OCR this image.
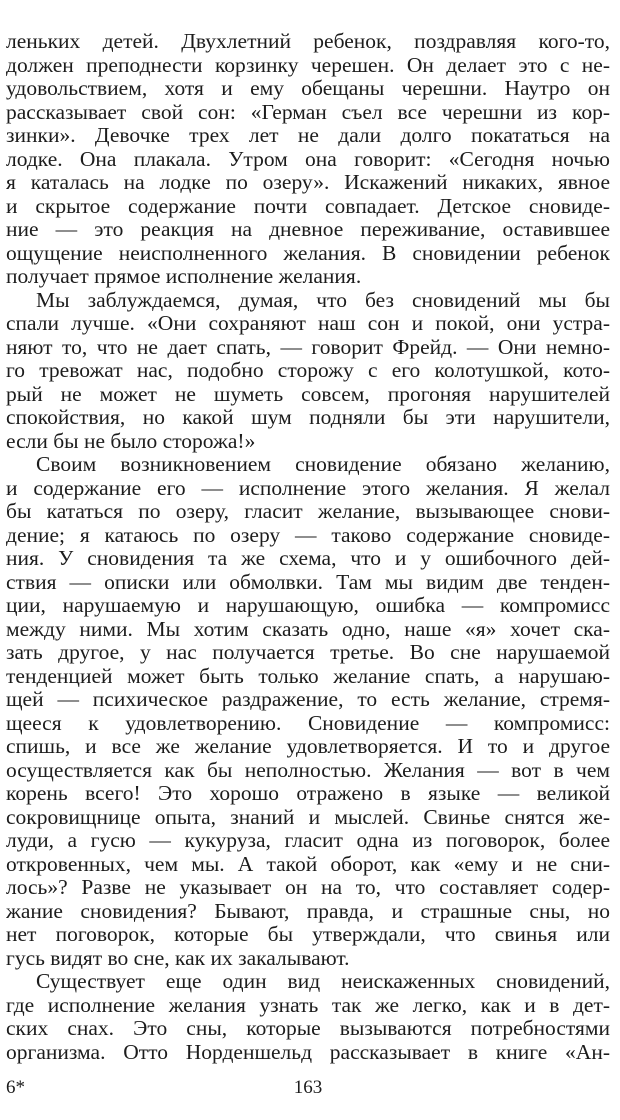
леньких детей. Двухлетний ребенок, поздравляя кого-то,
должен преподнести корзинку черешен. Он делает это с не-
удовольствием, хотя и ему обещаны черешни. Наутро он
рассказывает свой сон: «Герман съел все черешни из кор-
зинки». Девочке трех лет не дали долго покататься на
лодке. Она плакала. Утром она говорит: «Сегодня ночью
я каталась на лодке по озеру». Искажений никаких, явное
и скрытое содержание почти совпадает. Детское сновиде-
ние — это реакция на дневное переживание, оставившее
ощущение неисполненного желания. В сновидении ребенок
получает прямое исполнение желания.
Мы заблуждаемся, думая, что без сновидений мы бы
спали лучше. «Они сохраняют наш сон и покой, они устра-
няют то, что не дает спать, — говорит Фрейд. — Они немно-
го тревожат нас, подобно сторожу с его колотушкой, кото-
рый не может не шуметь совсем, прогоняя нарушителей
спокойствия, но какой шум подняли бы эти нарушители,
если бы не было сторожа!»
Своим возникновением сновидение обязано желанию,
и содержание его — исполнение этого желания. Я желал
бы кататься по озеру, гласит желание, вызывающее снови-
дение; я катаюсь по озеру — таково содержание сновиде-
ния. У сновидения та же схема, что и у ошибочного дей-
ствия — описки или обмолвки. Там мы видим две тенден-
ции, нарушаемую и нарушающую, ошибка — компромисс
между ними. Мы хотим сказать одно, наше «я» хочет ска-
зать другое, у нас получается третье. Во сне нарушаемой
тенденцией может быть только желание спать, а нарушаю-
щей — психическое раздражение, то есть желание, стремя-
щееся к удовлетворению. Сновидение — компромисс:
спишь, и все же желание удовлетворяется. И то и другое
осуществляется как бы неполностью. Желания — вот в чем
корень всего! Это хорошо отражено в языке — великой
сокровищнице опыта, знаний и мыслей. Свинье снятся же-
луди, а гусю — кукуруза, гласит одна из поговорок, более
откровенных, чем мы. А такой оборот, как «ему и не сни-
лось»? Разве не указывает он на то, что составляет содер-
жание сновидения? Бывают, правда, и страшные сны, но
нет поговорок, которые бы утверждали, что свинья или
гусь видят во сне, как их закалывают.
Существует еще один вид неискаженных сновидений,
где исполнение желания узнать так же легко, как и в дет-
ских снах. Это сны, которые вызываются потребностями
организма. Отто Норденшельд рассказывает в книге «Ан-
6*	163
